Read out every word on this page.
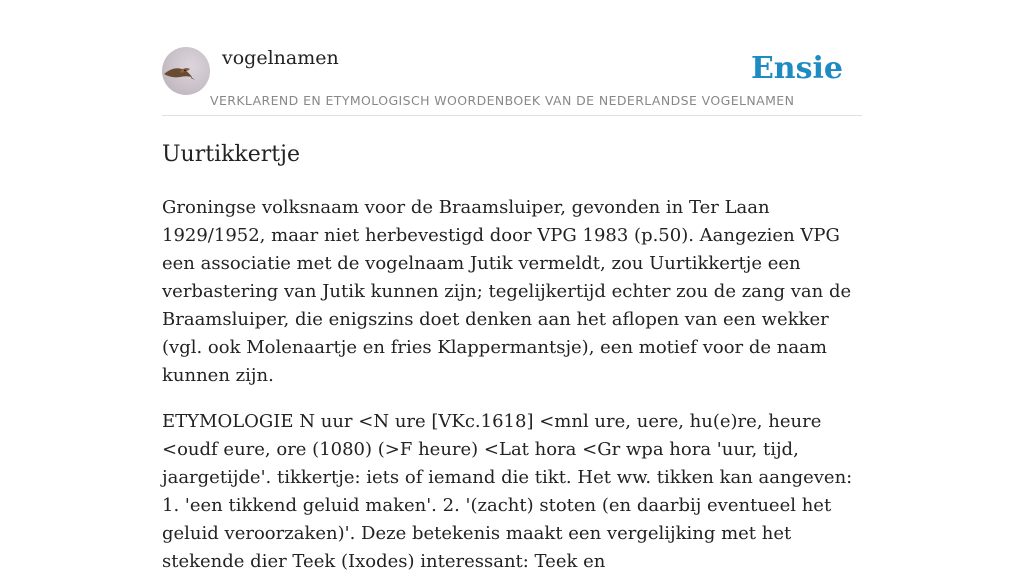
vogelnamen
VERKLAREND EN ETYMOLOGISCH WOORDENBOEK VAN DE NEDERLANDSE VOGELNAMEN
Ensie
Uurtikkertje

Groningse volksnaam voor de Braamsluiper, gevonden in Ter Laan 1929/1952, maar niet herbevestigd door VPG 1983 (p.50). Aangezien VPG een associatie met de vogelnaam Jutik vermeldt, zou Uurtikkertje een verbastering van Jutik kunnen zijn; tegelijkertijd echter zou de zang van de Braamsluiper, die enigszins doet denken aan het aflopen van een wekker (vgl. ook Molenaartje en fries Klappermantsje), een motief voor de naam kunnen zijn.

ETYMOLOGIE N uur <N ure [VKc.1618] <mnl ure, uere, hu(e)re, heure <oudf eure, ore (1080) (>F heure) <Lat hora <Gr wpa hora 'uur, tijd, jaargetijde'. tikkertje: iets of iemand die tikt. Het ww. tikken kan aangeven: 1. 'een tikkend geluid maken'. 2. '(zacht) stoten (en daarbij eventueel het geluid veroorzaken)'. Deze betekenis maakt een vergelijking met het stekende dier Teek (Ixodes) interessant: Teek en
